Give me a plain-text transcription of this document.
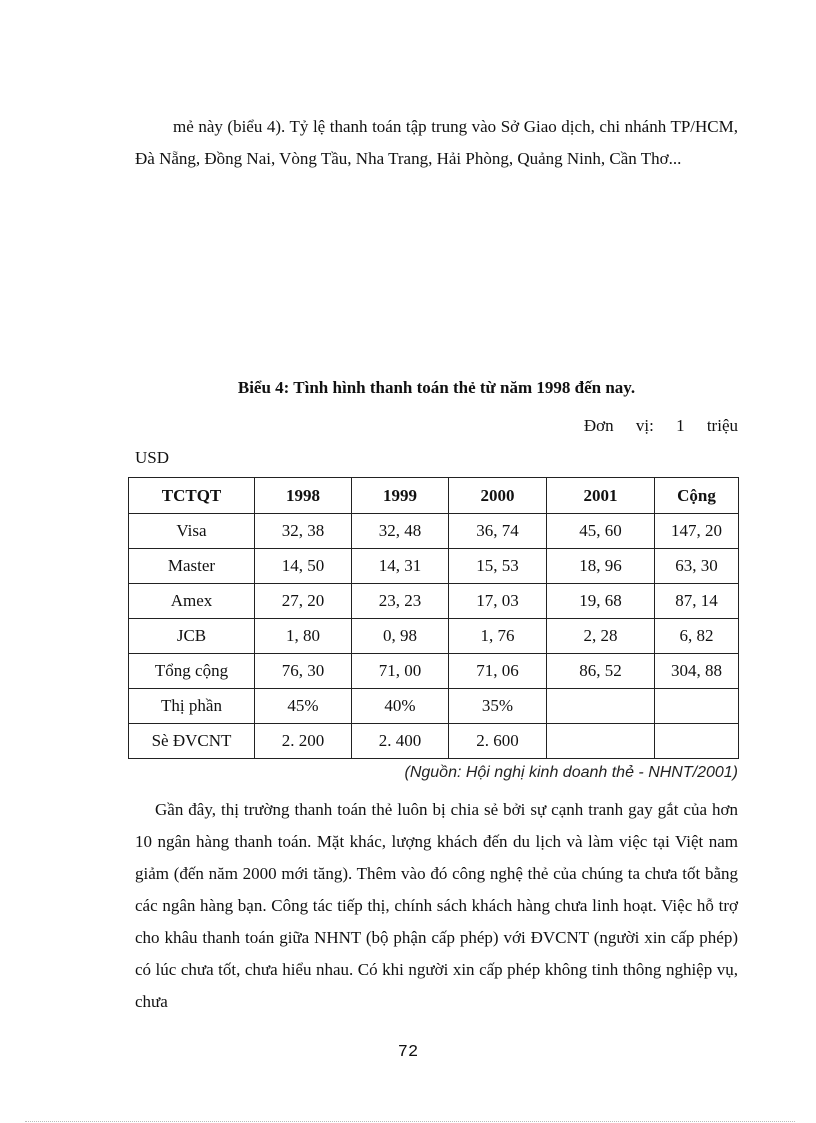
mẻ này (biểu 4). Tỷ lệ thanh toán tập trung vào Sở Giao dịch, chi nhánh TP/HCM, Đà Nẵng, Đồng Nai, Vòng Tầu, Nha Trang, Hải Phòng, Quảng Ninh, Cần Thơ...

Biểu 4: Tình hình thanh toán thẻ từ năm 1998 đến nay.
Đơn vị: 1 triệu
USD
TCTQT	1998	1999	2000	2001	Cộng
Visa	32, 38	32, 48	36, 74	45, 60	147, 20
Master	14, 50	14, 31	15, 53	18, 96	63, 30
Amex	27, 20	23, 23	17, 03	19, 68	87, 14
JCB	1, 80	0, 98	1, 76	2, 28	6, 82
Tổng cộng	76, 30	71, 00	71, 06	86, 52	304, 88
Thị phần	45%	40%	35%		
Sè ĐVCNT	2. 200	2. 400	2. 600		
(Nguồn: Hội nghị kinh doanh thẻ - NHNT/2001)

Gần đây, thị trường thanh toán thẻ luôn bị chia sẻ bởi sự cạnh tranh gay gắt của hơn 10 ngân hàng thanh toán. Mặt khác, lượng khách đến du lịch và làm việc tại Việt nam giảm (đến năm 2000 mới tăng). Thêm vào đó công nghệ thẻ của chúng ta chưa tốt bằng các ngân hàng bạn. Công tác tiếp thị, chính sách khách hàng chưa linh hoạt. Việc hỗ trợ cho khâu thanh toán giữa NHNT (bộ phận cấp phép) với ĐVCNT (người xin cấp phép) có lúc chưa tốt, chưa hiểu nhau. Có khi người xin cấp phép không tinh thông nghiệp vụ, chưa

72
